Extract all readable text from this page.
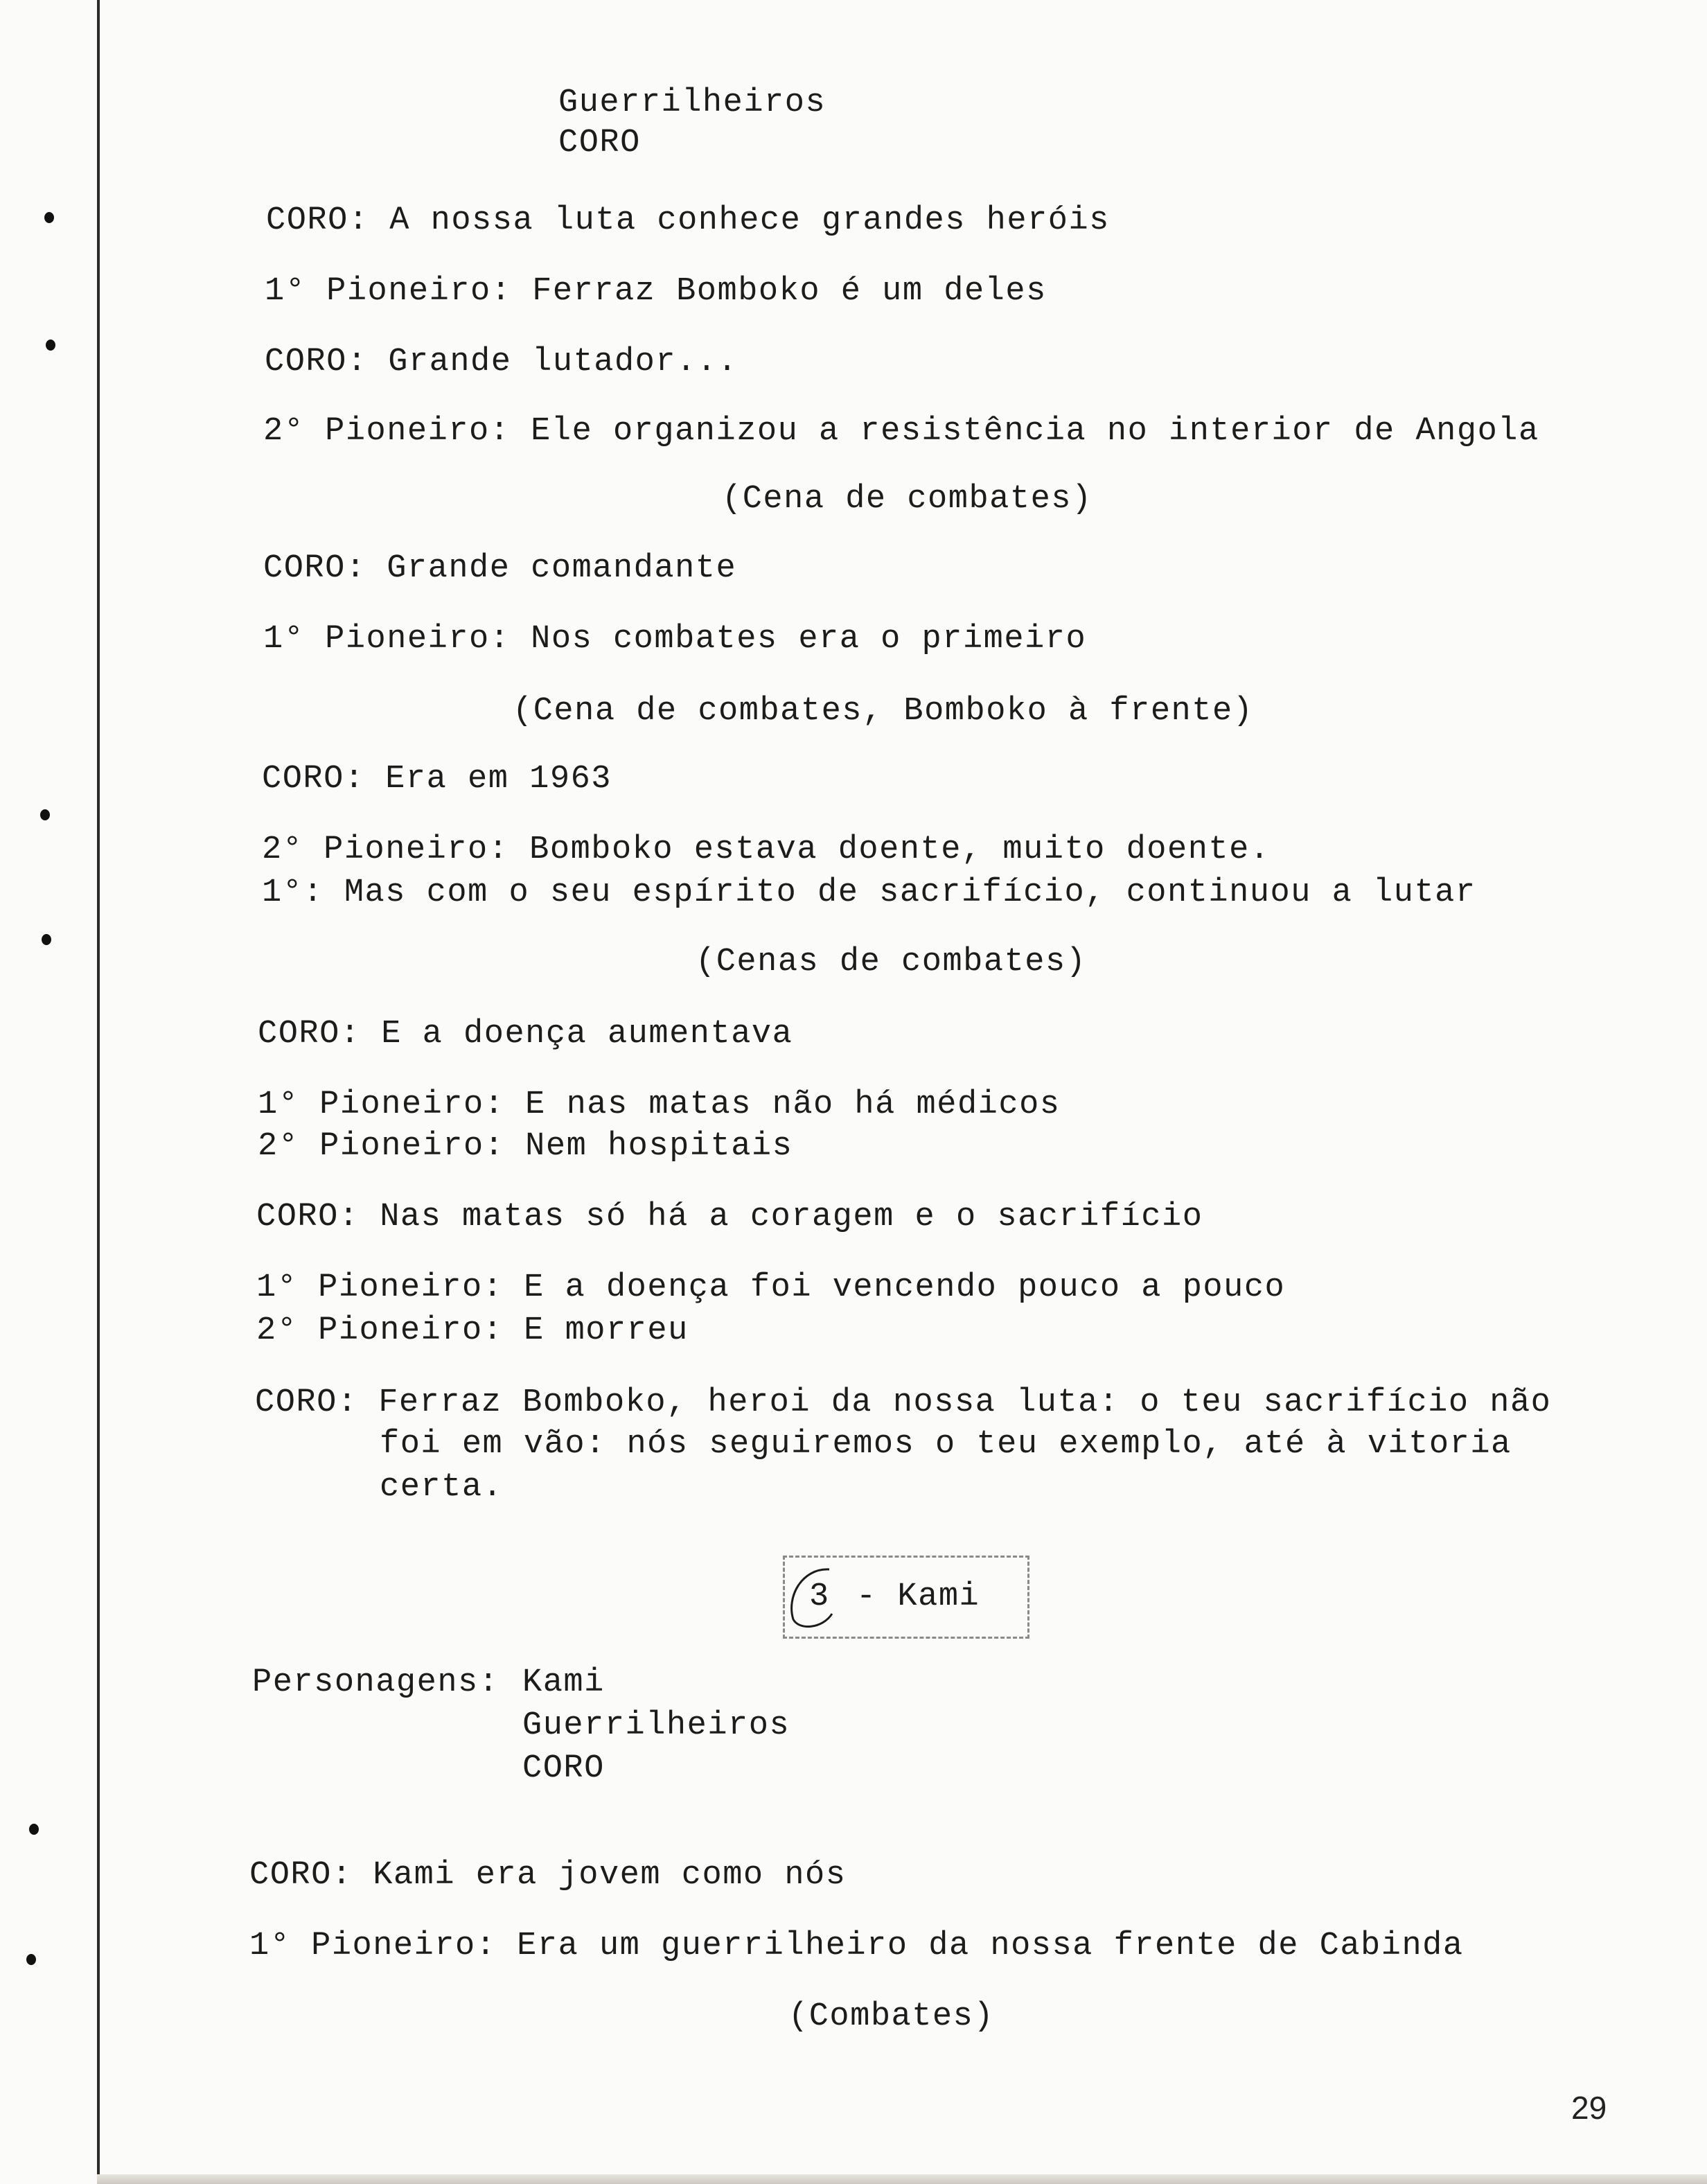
Guerrilheiros
CORO
CORO: A nossa luta conhece grandes heróis
1° Pioneiro: Ferraz Bomboko é um deles
CORO: Grande lutador...
2° Pioneiro: Ele organizou a resistência no interior de Angola
(Cena de combates)
CORO: Grande comandante
1° Pioneiro: Nos combates era o primeiro
(Cena de combates, Bomboko à frente)
CORO: Era em 1963
2° Pioneiro: Bomboko estava doente, muito doente.
1°: Mas com o seu espírito de sacrifício, continuou a lutar
(Cenas de combates)
CORO: E a doença aumentava
1° Pioneiro: E nas matas não há médicos
2° Pioneiro: Nem hospitais
CORO: Nas matas só há a coragem e o sacrifício
1° Pioneiro: E a doença foi vencendo pouco a pouco
2° Pioneiro: E morreu
CORO: Ferraz Bomboko, heroi da nossa luta: o teu sacrifício não
foi em vão: nós seguiremos o teu exemplo, até à vitoria
certa.
3 - Kami
Personagens: Kami
Guerrilheiros
CORO
CORO: Kami era jovem como nós
1° Pioneiro: Era um guerrilheiro da nossa frente de Cabinda
(Combates)
29
